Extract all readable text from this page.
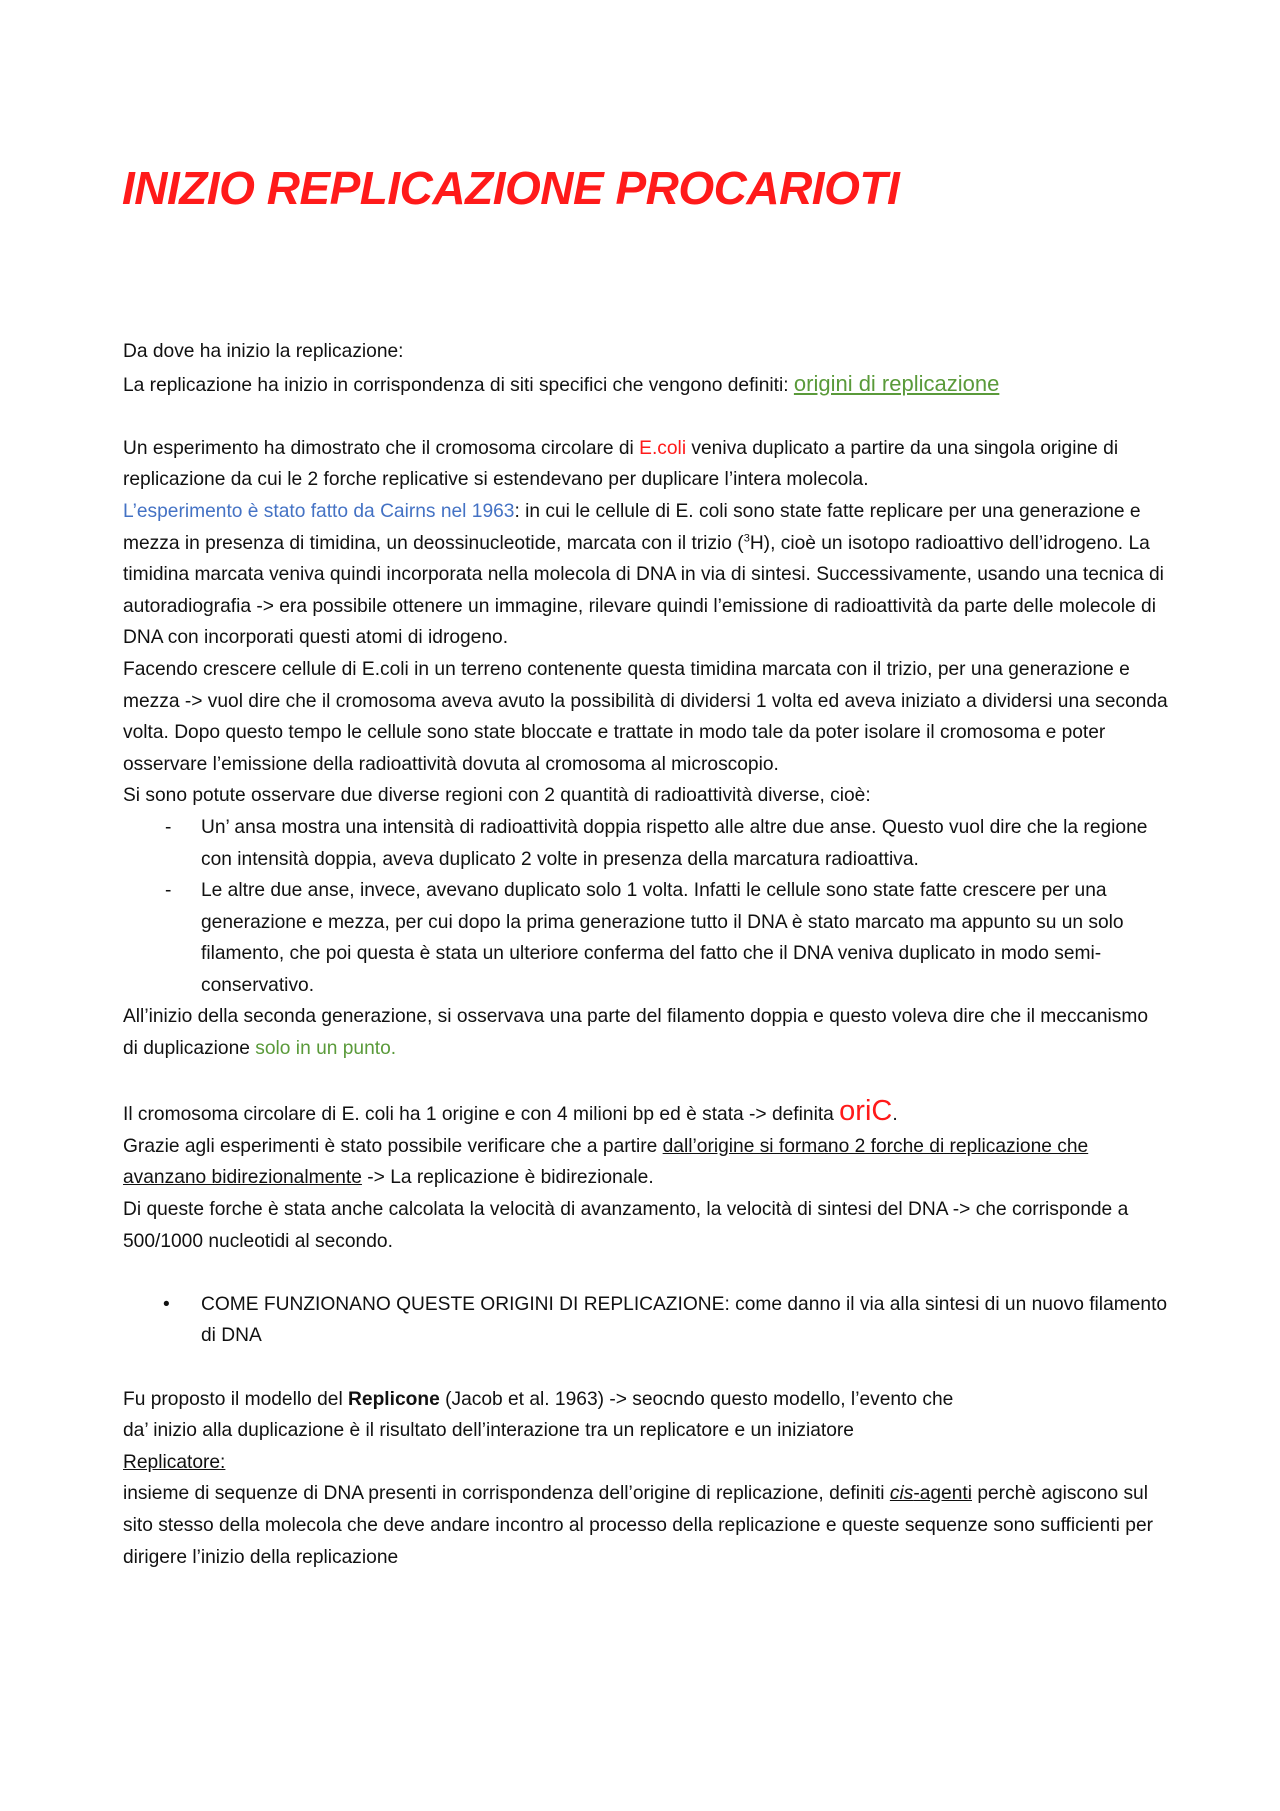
INIZIO REPLICAZIONE PROCARIOTI

Da dove ha inizio la replicazione:

La replicazione ha inizio in corrispondenza di siti specifici che vengono definiti: origini di replicazione

Un esperimento ha dimostrato che il cromosoma circolare di E.coli veniva duplicato a partire da una singola origine di replicazione da cui le 2 forche replicative si estendevano per duplicare l’intera molecola.

L’esperimento è stato fatto da Cairns nel 1963: in cui le cellule di E. coli sono state fatte replicare per una generazione e mezza in presenza di timidina, un deossinucleotide, marcata con il trizio ($^3$H), cioè un isotopo radioattivo dell’idrogeno. La timidina marcata veniva quindi incorporata nella molecola di DNA in via di sintesi. Successivamente, usando una tecnica di autoradiografia -> era possibile ottenere un immagine, rilevare quindi l’emissione di radioattività da parte delle molecole di DNA con incorporati questi atomi di idrogeno.

Facendo crescere cellule di E.coli in un terreno contenente questa timidina marcata con il trizio, per una generazione e mezza -> vuol dire che il cromosoma aveva avuto la possibilità di dividersi 1 volta ed aveva iniziato a dividersi una seconda volta. Dopo questo tempo le cellule sono state bloccate e trattate in modo tale da poter isolare il cromosoma e poter osservare l’emissione della radioattività dovuta al cromosoma al microscopio.

Si sono potute osservare due diverse regioni con 2 quantità di radioattività diverse, cioè:

- Un’ ansa mostra una intensità di radioattività doppia rispetto alle altre due anse. Questo vuol dire che la regione con intensità doppia, aveva duplicato 2 volte in presenza della marcatura radioattiva.
- Le altre due anse, invece, avevano duplicato solo 1 volta. Infatti le cellule sono state fatte crescere per una generazione e mezza, per cui dopo la prima generazione tutto il DNA è stato marcato ma appunto su un solo filamento, che poi questa è stata un ulteriore conferma del fatto che il DNA veniva duplicato in modo semi-conservativo.

All’inizio della seconda generazione, si osservava una parte del filamento doppia e questo voleva dire che il meccanismo di duplicazione solo in un punto.

Il cromosoma circolare di E. coli ha 1 origine e con 4 milioni bp ed è stata -> definita oriC.

Grazie agli esperimenti è stato possibile verificare che a partire dall’origine si formano 2 forche di replicazione che avanzano bidirezionalmente -> La replicazione è bidirezionale.

Di queste forche è stata anche calcolata la velocità di avanzamento, la velocità di sintesi del DNA -> che corrisponde a 500/1000 nucleotidi al secondo.

• COME FUNZIONANO QUESTE ORIGINI DI REPLICAZIONE: come danno il via alla sintesi di un nuovo filamento di DNA

Fu proposto il modello del Replicone (Jacob et al. 1963) -> seocndo questo modello, l’evento che

da’ inizio alla duplicazione è il risultato dell’interazione tra un replicatore e un iniziatore

Replicatore:

insieme di sequenze di DNA presenti in corrispondenza dell’origine di replicazione, definiti cis-agenti perchè agiscono sul sito stesso della molecola che deve andare incontro al processo della replicazione e queste sequenze sono sufficienti per dirigere l’inizio della replicazione
